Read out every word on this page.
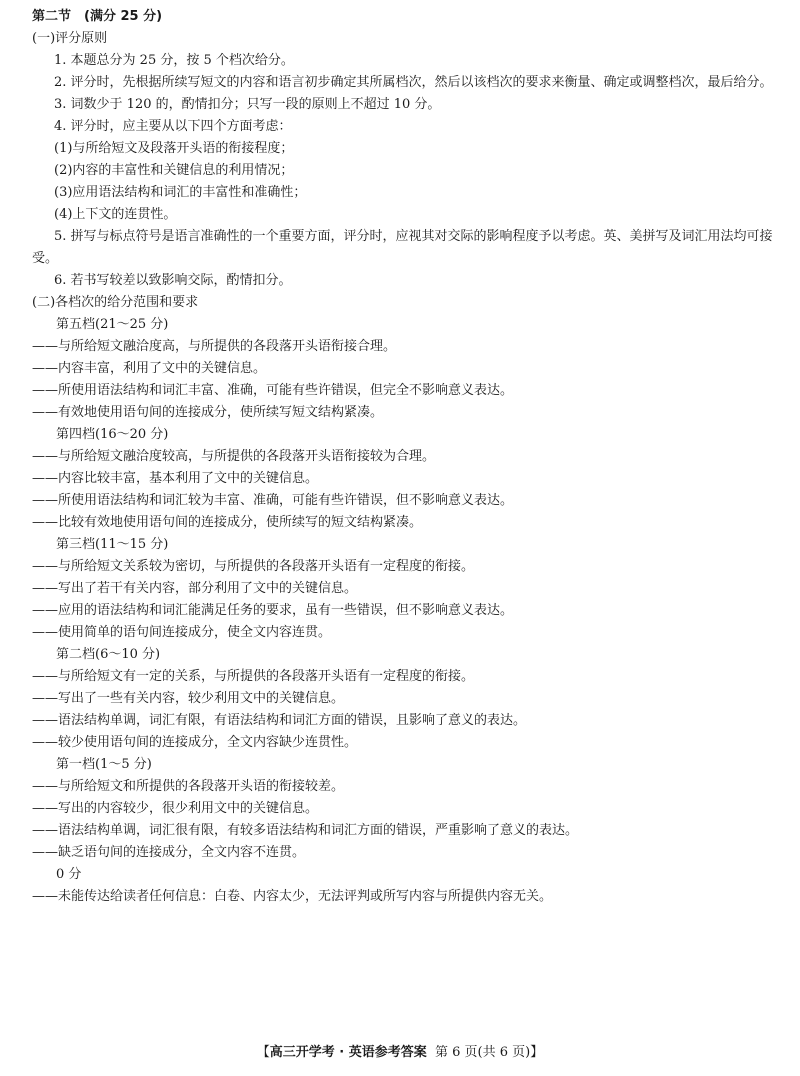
第二节　(满分 25 分)
(一)评分原则
1. 本题总分为 25 分，按 5 个档次给分。
2. 评分时，先根据所续写短文的内容和语言初步确定其所属档次，然后以该档次的要求来衡量、确定或调整档次，最后给分。
3. 词数少于 120 的，酌情扣分；只写一段的原则上不超过 10 分。
4. 评分时，应主要从以下四个方面考虑：
(1)与所给短文及段落开头语的衔接程度；
(2)内容的丰富性和关键信息的利用情况；
(3)应用语法结构和词汇的丰富性和准确性；
(4)上下文的连贯性。
5. 拼写与标点符号是语言准确性的一个重要方面，评分时，应视其对交际的影响程度予以考虑。英、美拼写及词汇用法均可接受。
6. 若书写较差以致影响交际，酌情扣分。
(二)各档次的给分范围和要求
第五档(21～25 分)
——与所给短文融洽度高，与所提供的各段落开头语衔接合理。
——内容丰富，利用了文中的关键信息。
——所使用语法结构和词汇丰富、准确，可能有些许错误，但完全不影响意义表达。
——有效地使用语句间的连接成分，使所续写短文结构紧凑。
第四档(16～20 分)
——与所给短文融洽度较高，与所提供的各段落开头语衔接较为合理。
——内容比较丰富，基本利用了文中的关键信息。
——所使用语法结构和词汇较为丰富、准确，可能有些许错误，但不影响意义表达。
——比较有效地使用语句间的连接成分，使所续写的短文结构紧凑。
第三档(11～15 分)
——与所给短文关系较为密切，与所提供的各段落开头语有一定程度的衔接。
——写出了若干有关内容，部分利用了文中的关键信息。
——应用的语法结构和词汇能满足任务的要求，虽有一些错误，但不影响意义表达。
——使用简单的语句间连接成分，使全文内容连贯。
第二档(6～10 分)
——与所给短文有一定的关系，与所提供的各段落开头语有一定程度的衔接。
——写出了一些有关内容，较少利用文中的关键信息。
——语法结构单调，词汇有限，有语法结构和词汇方面的错误，且影响了意义的表达。
——较少使用语句间的连接成分，全文内容缺少连贯性。
第一档(1～5 分)
——与所给短文和所提供的各段落开头语的衔接较差。
——写出的内容较少，很少利用文中的关键信息。
——语法结构单调，词汇很有限，有较多语法结构和词汇方面的错误，严重影响了意义的表达。
——缺乏语句间的连接成分，全文内容不连贯。
0 分
——未能传达给读者任何信息：白卷、内容太少，无法评判或所写内容与所提供内容无关。
【高三开学考 · 英语参考答案 第 6 页(共 6 页)】
